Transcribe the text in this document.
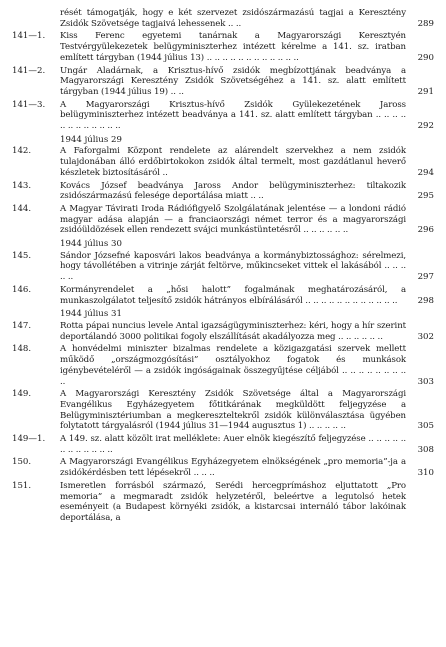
rését támogatják, hogy e két szervezet zsidószármazású tagjai a Keresztény Zsidók Szövetsége tagjaivá lehessenek .. ..	289
141—1. Kiss Ferenc egyetemi tanárnak a Magyarországi Keresztyén Testvérgyülekezetek belügyminiszterhez intézett kérelme a 141. sz. iratban említett tárgyban (1944 július 13) .. .. .. .. .. .. .. .. .. .. .. ..	290
141—2. Ungár Aladárnak, a Krisztus-hívő zsidók megbízottjának beadványa a Magyarországi Keresztény Zsidók Szövetségéhez a 141. sz. alatt említett tárgyban (1944 július 19) .. ..	291
141—3. A Magyarországi Krisztus-hívő Zsidók Gyülekezetének Jaross belügyminiszterhez intézett beadványa a 141. sz. alatt említett tárgyban .. .. .. .. .. .. .. .. .. .. .. ..	292
1944 július 29
142.	A Faforgalmi Központ rendelete az alárendelt szervekhez a nem zsidók tulajdonában álló erdőbirtokokon zsidók által termelt, most gazdátlanul heverő készletek biztosításáról ..	294
143.	Kovács József beadványa Jaross Andor belügyminiszterhez: tiltakozik zsidószármazású felesége deportálása miatt .. ..	295
144.	A Magyar Távirati Iroda Rádiófigyelő Szolgálatának jelentése — a londoni rádió magyar adása alapján — a franciaországi német terror és a magyarországi zsidóüldözések ellen rendezett svájci munkástüntetésről .. .. .. .. .. ..	296
1944 július 30
145.	Sándor Józsefné kaposvári lakos beadványa a kormánybiztossághoz: sérelmezi, hogy távollétében a vitrinje zárját feltörve, műkincseket vittek el lakásából .. .. .. .. ..	297
146.	Kormányrendelet a „hősi halott” fogalmának meghatározásáról, a munkaszolgálatot teljesítő zsidók hátrányos elbírálásáról .. .. .. .. .. .. .. .. .. .. .. ..	298
1944 július 31
147.	Rotta pápai nuncius levele Antal igazságügyminiszterhez: kéri, hogy a hír szerint deportálandó 3000 politikai fogoly elszállítását akadályozza meg .. .. .. .. .. ..	302
148.	A honvédelmi miniszter bizalmas rendelete a közigazgatási szervek mellett működő „országmozgósítási” osztályokhoz fogatok és munkások igénybevételéről — a zsidók ingóságainak összegyűjtése céljából .. .. .. .. .. .. .. .. ..	303
149.	A Magyarországi Keresztény Zsidók Szövetsége által a Magyarországi Evangélikus Egyházegyetem főtitkárának megküldött feljegyzése a Belügyminisztériumban a megkereszteltekről zsidók különválasztása ügyében folytatott tárgyalásról (1944 július 31—1944 augusztus 1) .. .. .. .. ..	305
149—1. A 149. sz. alatt közölt irat melléklete: Auer elnök kiegészítő feljegyzése .. .. .. .. .. .. .. .. .. .. .. ..	308
150.	A Magyarországi Evangélikus Egyházegyetem elnökségének „pro memoria”-ja a zsidókérdésben tett lépésekről .. .. ..	310
151.	Ismeretlen forrásból származó, Serédi hercegprímáshoz eljuttatott „Pro memoria” a megmaradt zsidók helyzetéről, beleértve a legutolsó hetek eseményeit (a Budapest környéki zsidók, a kistarcsai internáló tábor lakóinak deportálása, a
